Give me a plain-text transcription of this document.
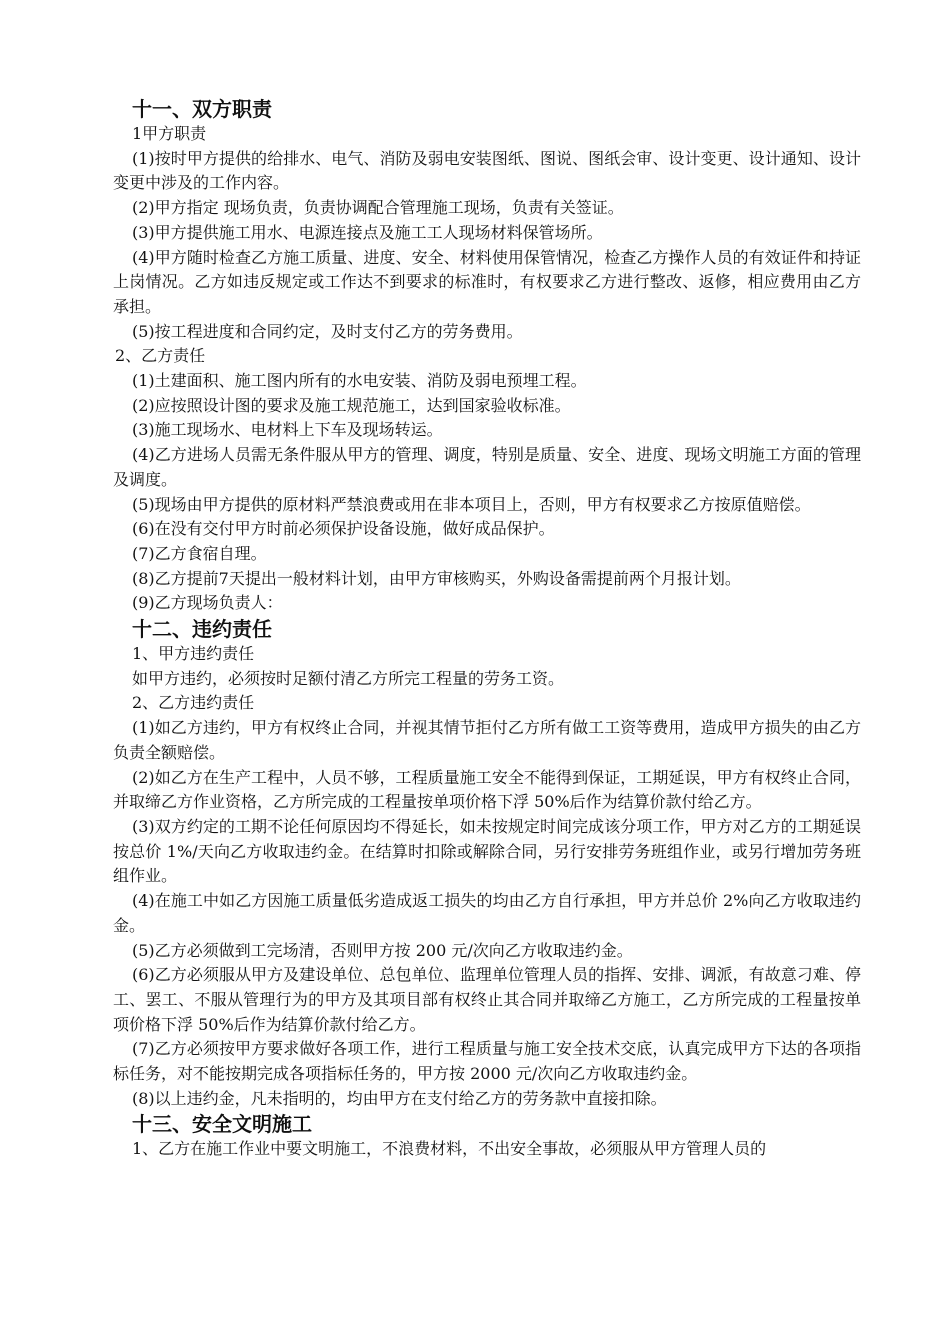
十一、双方职责

1甲方职责

(1)按时甲方提供的给排水、电气、消防及弱电安装图纸、图说、图纸会审、设计变更、设计通知、设计变更中涉及的工作内容。

(2)甲方指定 现场负责，负责协调配合管理施工现场，负责有关签证。

(3)甲方提供施工用水、电源连接点及施工工人现场材料保管场所。

(4)甲方随时检查乙方施工质量、进度、安全、材料使用保管情况，检查乙方操作人员的有效证件和持证上岗情况。乙方如违反规定或工作达不到要求的标准时，有权要求乙方进行整改、返修，相应费用由乙方承担。

(5)按工程进度和合同约定，及时支付乙方的劳务费用。

2、乙方责任

(1)土建面积、施工图内所有的水电安装、消防及弱电预埋工程。

(2)应按照设计图的要求及施工规范施工，达到国家验收标准。

(3)施工现场水、电材料上下车及现场转运。

(4)乙方进场人员需无条件服从甲方的管理、调度，特别是质量、安全、进度、现场文明施工方面的管理及调度。

(5)现场由甲方提供的原材料严禁浪费或用在非本项目上，否则，甲方有权要求乙方按原值赔偿。

(6)在没有交付甲方时前必须保护设备设施，做好成品保护。

(7)乙方食宿自理。

(8)乙方提前7天提出一般材料计划，由甲方审核购买，外购设备需提前两个月报计划。

(9)乙方现场负责人：

十二、违约责任

1、甲方违约责任

如甲方违约，必须按时足额付清乙方所完工程量的劳务工资。

2、乙方违约责任

(1)如乙方违约，甲方有权终止合同，并视其情节拒付乙方所有做工工资等费用，造成甲方损失的由乙方负责全额赔偿。

(2)如乙方在生产工程中，人员不够，工程质量施工安全不能得到保证，工期延误，甲方有权终止合同，并取缔乙方作业资格，乙方所完成的工程量按单项价格下浮 50%后作为结算价款付给乙方。

(3)双方约定的工期不论任何原因均不得延长，如未按规定时间完成该分项工作，甲方对乙方的工期延误按总价 1%/天向乙方收取违约金。在结算时扣除或解除合同，另行安排劳务班组作业，或另行增加劳务班组作业。

(4)在施工中如乙方因施工质量低劣造成返工损失的均由乙方自行承担，甲方并总价 2%向乙方收取违约金。

(5)乙方必须做到工完场清，否则甲方按 200 元/次向乙方收取违约金。

(6)乙方必须服从甲方及建设单位、总包单位、监理单位管理人员的指挥、安排、调派，有故意刁难、停工、罢工、不服从管理行为的甲方及其项目部有权终止其合同并取缔乙方施工，乙方所完成的工程量按单项价格下浮 50%后作为结算价款付给乙方。

(7)乙方必须按甲方要求做好各项工作，进行工程质量与施工安全技术交底，认真完成甲方下达的各项指标任务，对不能按期完成各项指标任务的，甲方按 2000 元/次向乙方收取违约金。

(8)以上违约金，凡未指明的，均由甲方在支付给乙方的劳务款中直接扣除。

十三、安全文明施工

1、乙方在施工作业中要文明施工，不浪费材料，不出安全事故，必须服从甲方管理人员的
